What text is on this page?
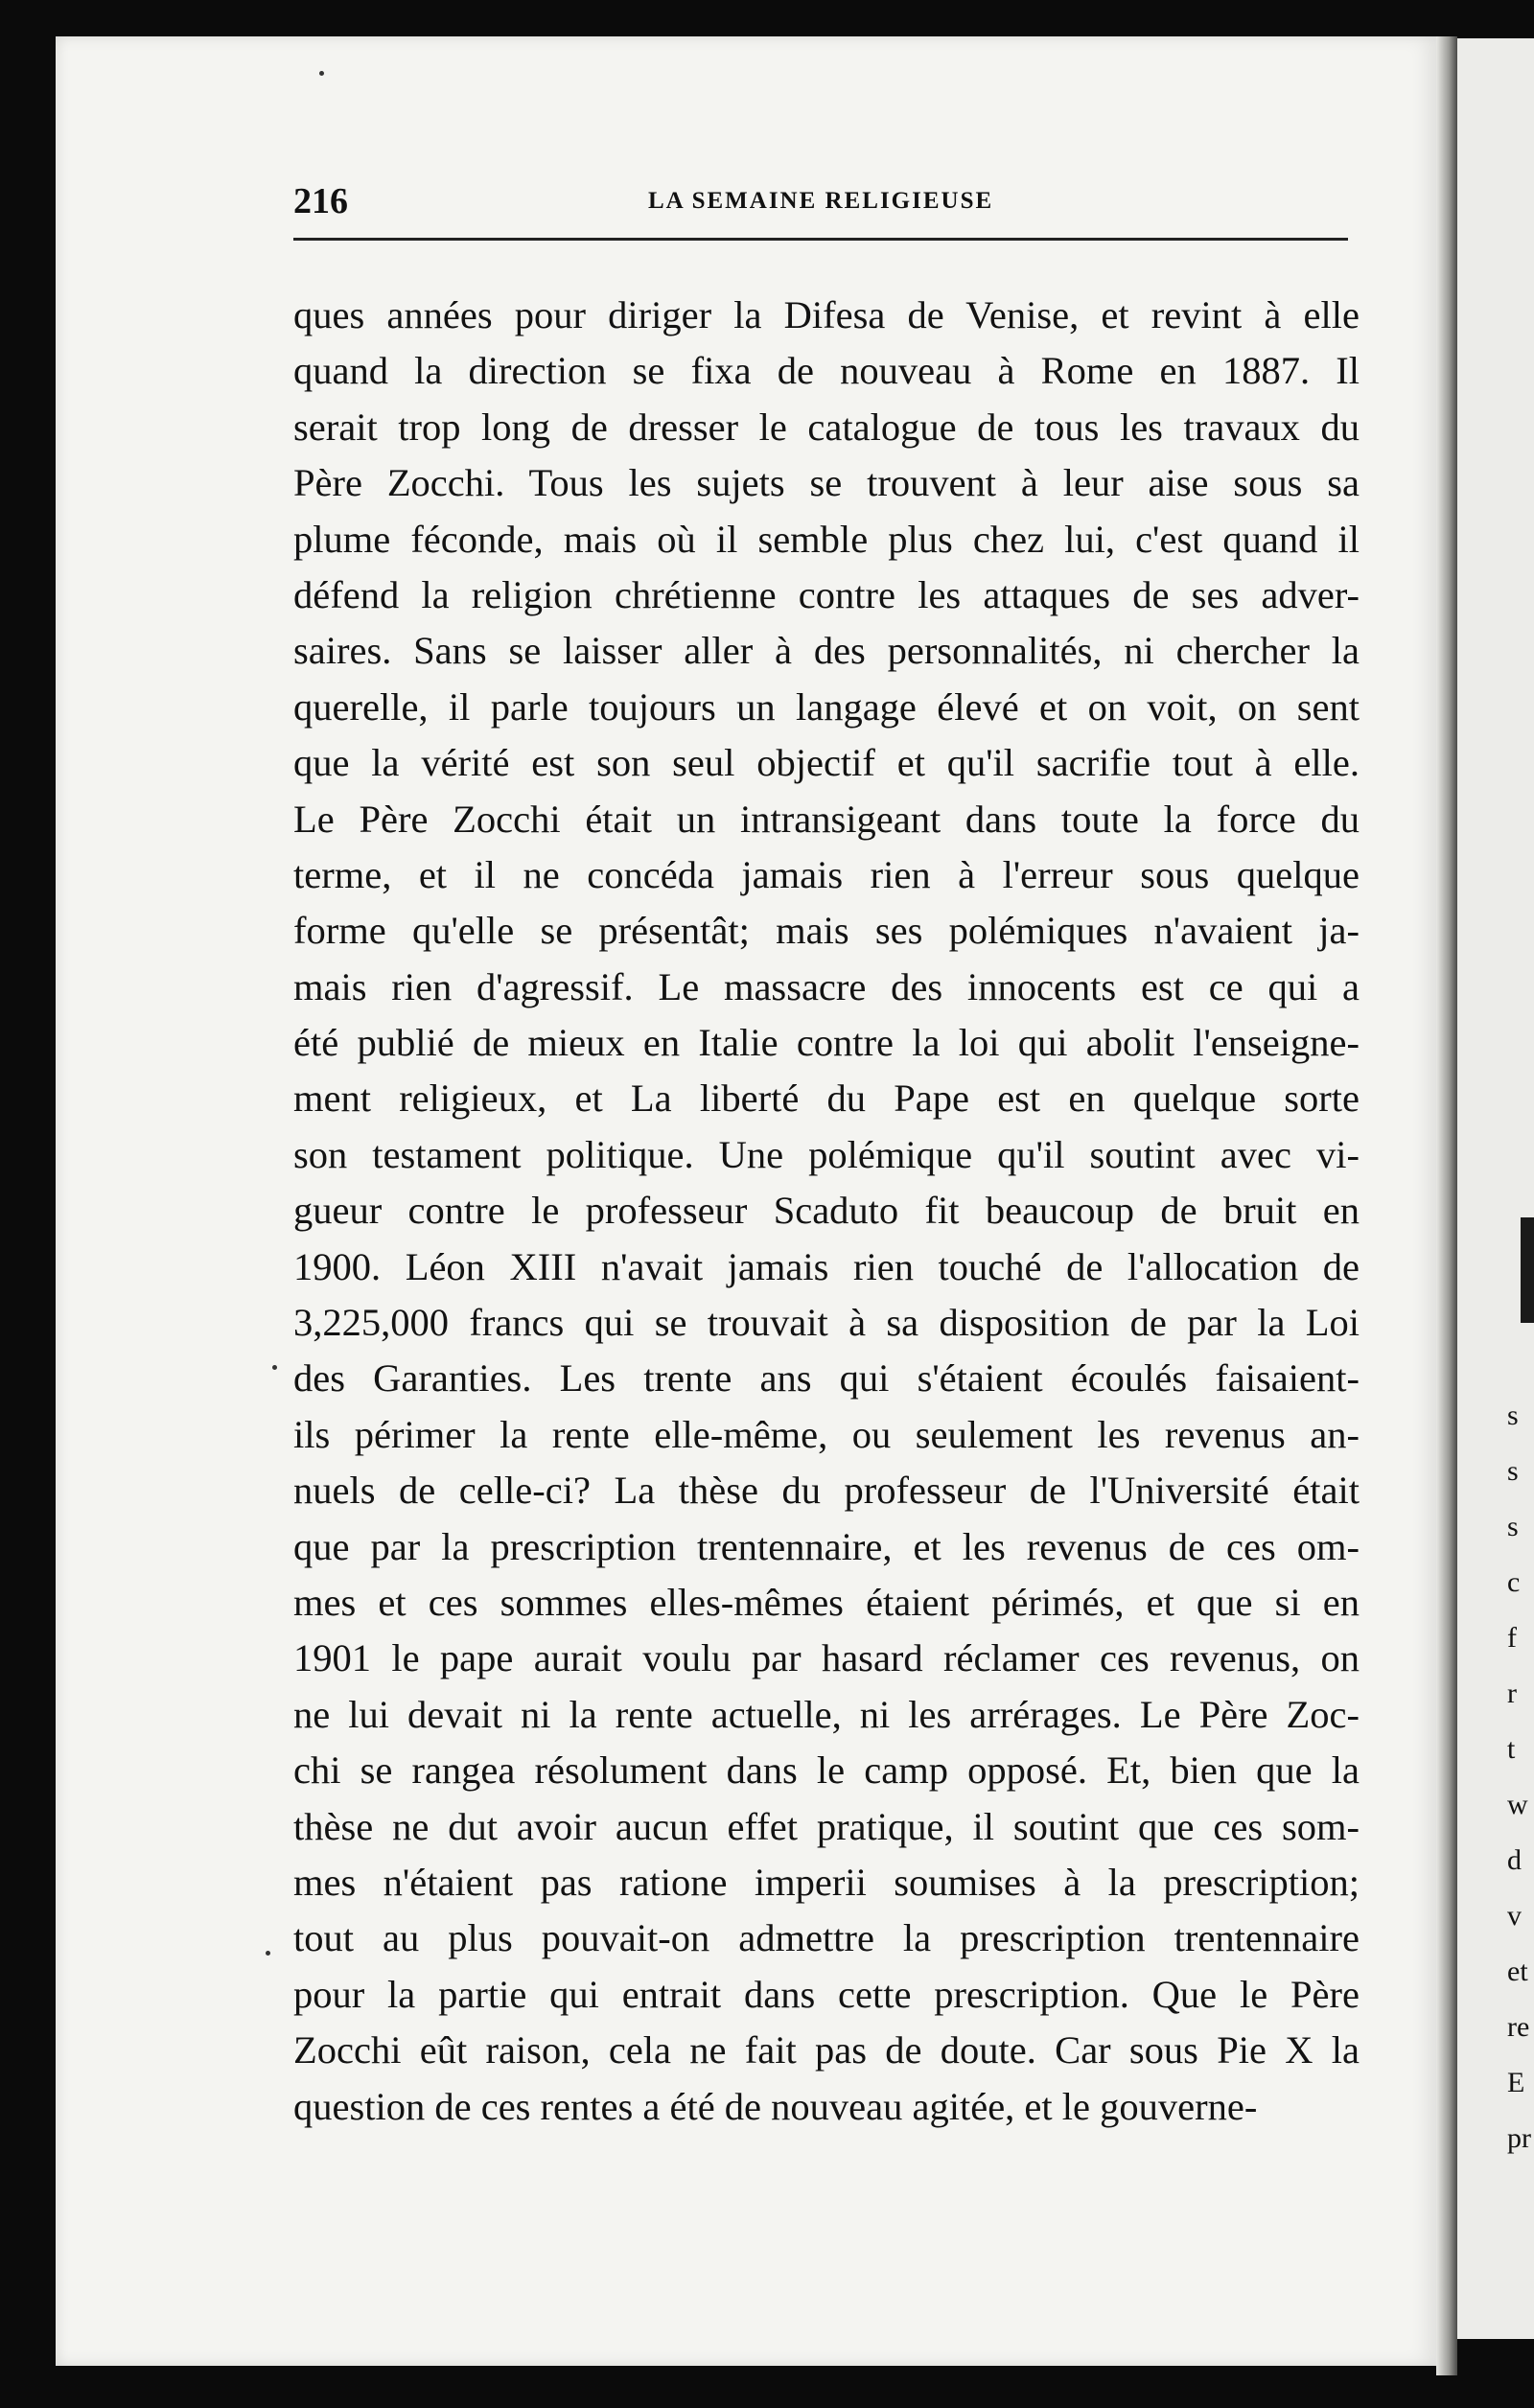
s
s
s
c
f
r
t
w
d
v
et
re
E
pr
216	LA SEMAINE RELIGIEUSE
ques années pour diriger la Difesa de Venise, et revint à elle
quand la direction se fixa de nouveau à Rome en 1887. Il
serait trop long de dresser le catalogue de tous les travaux du
Père Zocchi. Tous les sujets se trouvent à leur aise sous sa
plume féconde, mais où il semble plus chez lui, c'est quand il
défend la religion chrétienne contre les attaques de ses adver-
saires. Sans se laisser aller à des personnalités, ni chercher la
querelle, il parle toujours un langage élevé et on voit, on sent
que la vérité est son seul objectif et qu'il sacrifie tout à elle.
Le Père Zocchi était un intransigeant dans toute la force du
terme, et il ne concéda jamais rien à l'erreur sous quelque
forme qu'elle se présentât; mais ses polémiques n'avaient ja-
mais rien d'agressif. Le massacre des innocents est ce qui a
été publié de mieux en Italie contre la loi qui abolit l'enseigne-
ment religieux, et La liberté du Pape est en quelque sorte
son testament politique. Une polémique qu'il soutint avec vi-
gueur contre le professeur Scaduto fit beaucoup de bruit en
1900. Léon XIII n'avait jamais rien touché de l'allocation de
3,225,000 francs qui se trouvait à sa disposition de par la Loi
des Garanties. Les trente ans qui s'étaient écoulés faisaient-
ils périmer la rente elle-même, ou seulement les revenus an-
nuels de celle-ci? La thèse du professeur de l'Université était
que par la prescription trentennaire, et les revenus de ces om-
mes et ces sommes elles-mêmes étaient périmés, et que si en
1901 le pape aurait voulu par hasard réclamer ces revenus, on
ne lui devait ni la rente actuelle, ni les arrérages. Le Père Zoc-
chi se rangea résolument dans le camp opposé. Et, bien que la
thèse ne dut avoir aucun effet pratique, il soutint que ces som-
mes n'étaient pas ratione imperii soumises à la prescription;
tout au plus pouvait-on admettre la prescription trentennaire
pour la partie qui entrait dans cette prescription. Que le Père
Zocchi eût raison, cela ne fait pas de doute. Car sous Pie X la
question de ces rentes a été de nouveau agitée, et le gouverne-
